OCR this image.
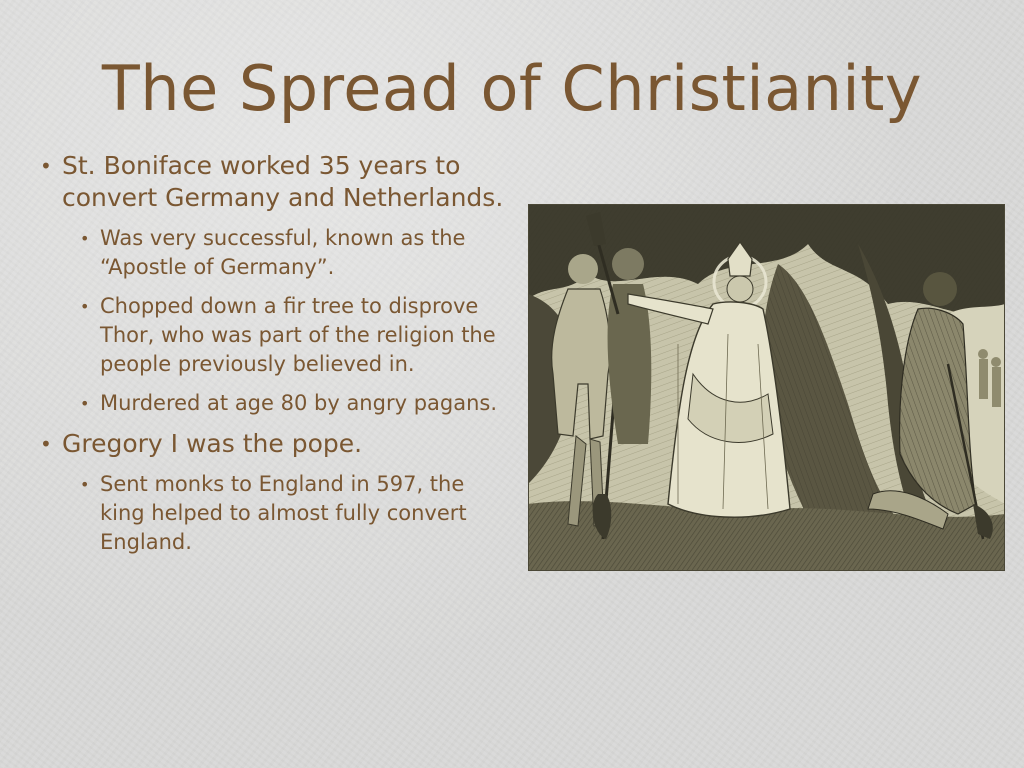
The Spread of Christianity
• St. Boniface worked 35 years to convert Germany and Netherlands.
• Was very successful, known as the “Apostle of Germany”.
• Chopped down a fir tree to disprove Thor, who was part of the religion the people previously believed in.
• Murdered at age 80 by angry pagans.
• Gregory I was the pope.
• Sent monks to England in 597, the king helped to almost fully convert England.
